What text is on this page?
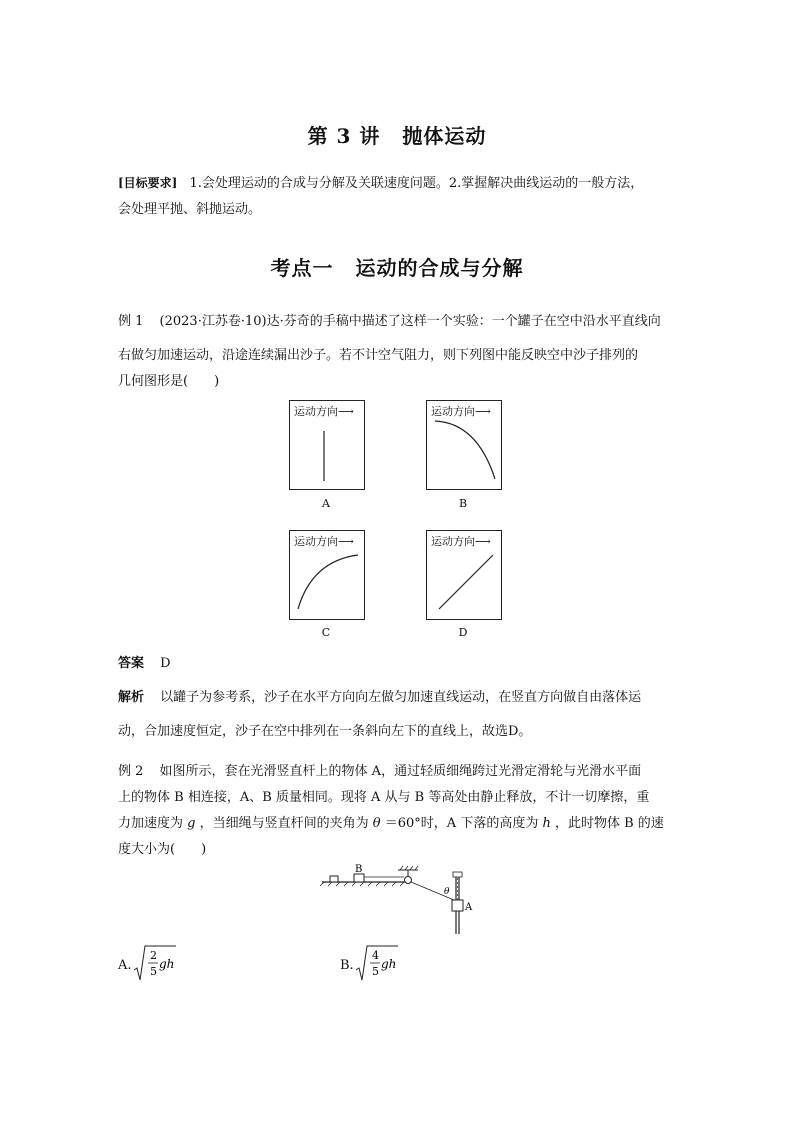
第 3 讲 抛体运动
[目标要求] 1.会处理运动的合成与分解及关联速度问题。2.掌握解决曲线运动的一般方法，
会处理平抛、斜抛运动。
考点一 运动的合成与分解
例 1 (2023·江苏卷·10)达·芬奇的手稿中描述了这样一个实验：一个罐子在空中沿水平直线向
右做匀加速运动，沿途连续漏出沙子。若不计空气阻力，则下列图中能反映空中沙子排列的
几何图形是(　　)
运动方向⟶
A
运动方向⟶
B
运动方向⟶
C
运动方向⟶
D
答案 D
解析 以罐子为参考系，沙子在水平方向向左做匀加速直线运动，在竖直方向做自由落体运
动，合加速度恒定，沙子在空中排列在一条斜向左下的直线上，故选D。
例 2 如图所示，套在光滑竖直杆上的物体 A，通过轻质细绳跨过光滑定滑轮与光滑水平面
上的物体 B 相连接，A、B 质量相同。现将 A 从与 B 等高处由静止释放，不计一切摩擦，重
力加速度为 g ，当细绳与竖直杆间的夹角为 θ ＝60°时，A 下落的高度为 h ，此时物体 B 的速
度大小为(　　)
B
θ
A
A.
2
5
gh	B.
4
5
gh
